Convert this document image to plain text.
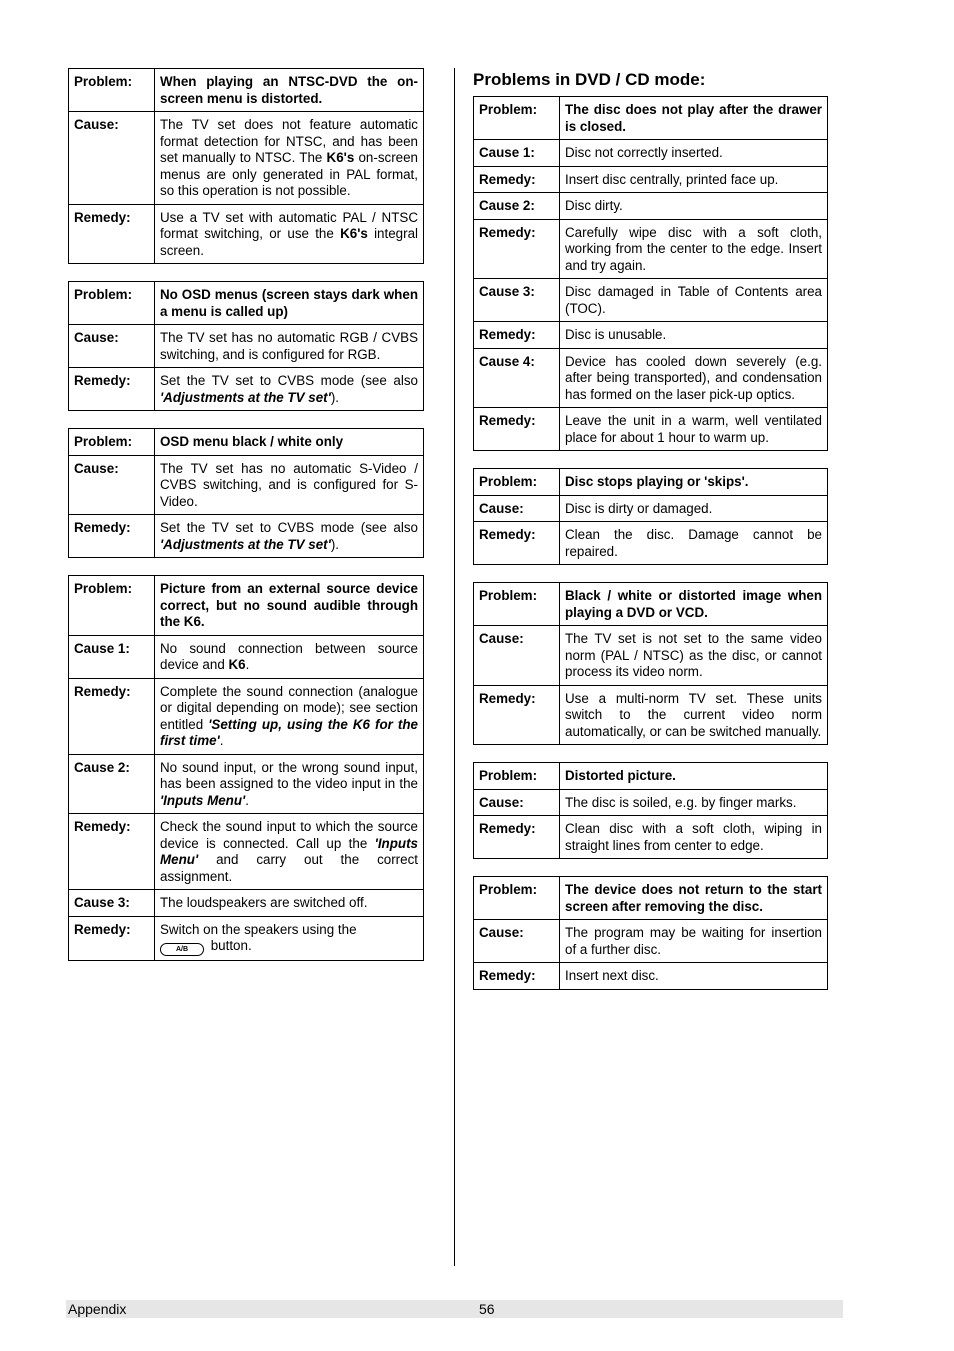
Problem:	When playing an NTSC-DVD the on-screen menu is distorted.
Cause:	The TV set does not feature automatic format detection for NTSC, and has been set manually to NTSC. The K6's on-screen menus are only generated in PAL format, so this operation is not possible.
Remedy:	Use a TV set with automatic PAL / NTSC format switching, or use the K6's integral screen.
Problem:	No OSD menus (screen stays dark when a menu is called up)
Cause:	The TV set has no automatic RGB / CVBS switching, and is configured for RGB.
Remedy:	Set the TV set to CVBS mode (see also 'Adjustments at the TV set').
Problem:	OSD menu black / white only
Cause:	The TV set has no automatic S-Video / CVBS switching, and is configured for S-Video.
Remedy:	Set the TV set to CVBS mode (see also 'Adjustments at the TV set').
Problem:	Picture from an external source device correct, but no sound audible through the K6.
Cause 1:	No sound connection between source device and K6.
Remedy:	Complete the sound connection (analogue or digital depending on mode); see section entitled 'Setting up, using the K6 for the first time'.
Cause 2:	No sound input, or the wrong sound input, has been assigned to the video input in the 'Inputs Menu'.
Remedy:	Check the sound input to which the source device is connected. Call up the 'Inputs Menu' and carry out the correct assignment.
Cause 3:	The loudspeakers are switched off.
Remedy:	Switch on the speakers using the
A/B button.
Problems in DVD / CD mode:
Problem:	The disc does not play after the drawer is closed.
Cause 1:	Disc not correctly inserted.
Remedy:	Insert disc centrally, printed face up.
Cause 2:	Disc dirty.
Remedy:	Carefully wipe disc with a soft cloth, working from the center to the edge. Insert and try again.
Cause 3:	Disc damaged in Table of Contents area (TOC).
Remedy:	Disc is unusable.
Cause 4:	Device has cooled down severely (e.g. after being transported), and condensation has formed on the laser pick-up optics.
Remedy:	Leave the unit in a warm, well ventilated place for about 1 hour to warm up.
Problem:	Disc stops playing or 'skips'.
Cause:	Disc is dirty or damaged.
Remedy:	Clean the disc. Damage cannot be repaired.
Problem:	Black / white or distorted image when playing a DVD or VCD.
Cause:	The TV set is not set to the same video norm (PAL / NTSC) as the disc, or cannot process its video norm.
Remedy:	Use a multi-norm TV set. These units switch to the current video norm automatically, or can be switched manually.
Problem:	Distorted picture.
Cause:	The disc is soiled, e.g. by finger marks.
Remedy:	Clean disc with a soft cloth, wiping in straight lines from center to edge.
Problem:	The device does not return to the start screen after removing the disc.
Cause:	The program may be waiting for insertion of a further disc.
Remedy:	Insert next disc.
Appendix	56
